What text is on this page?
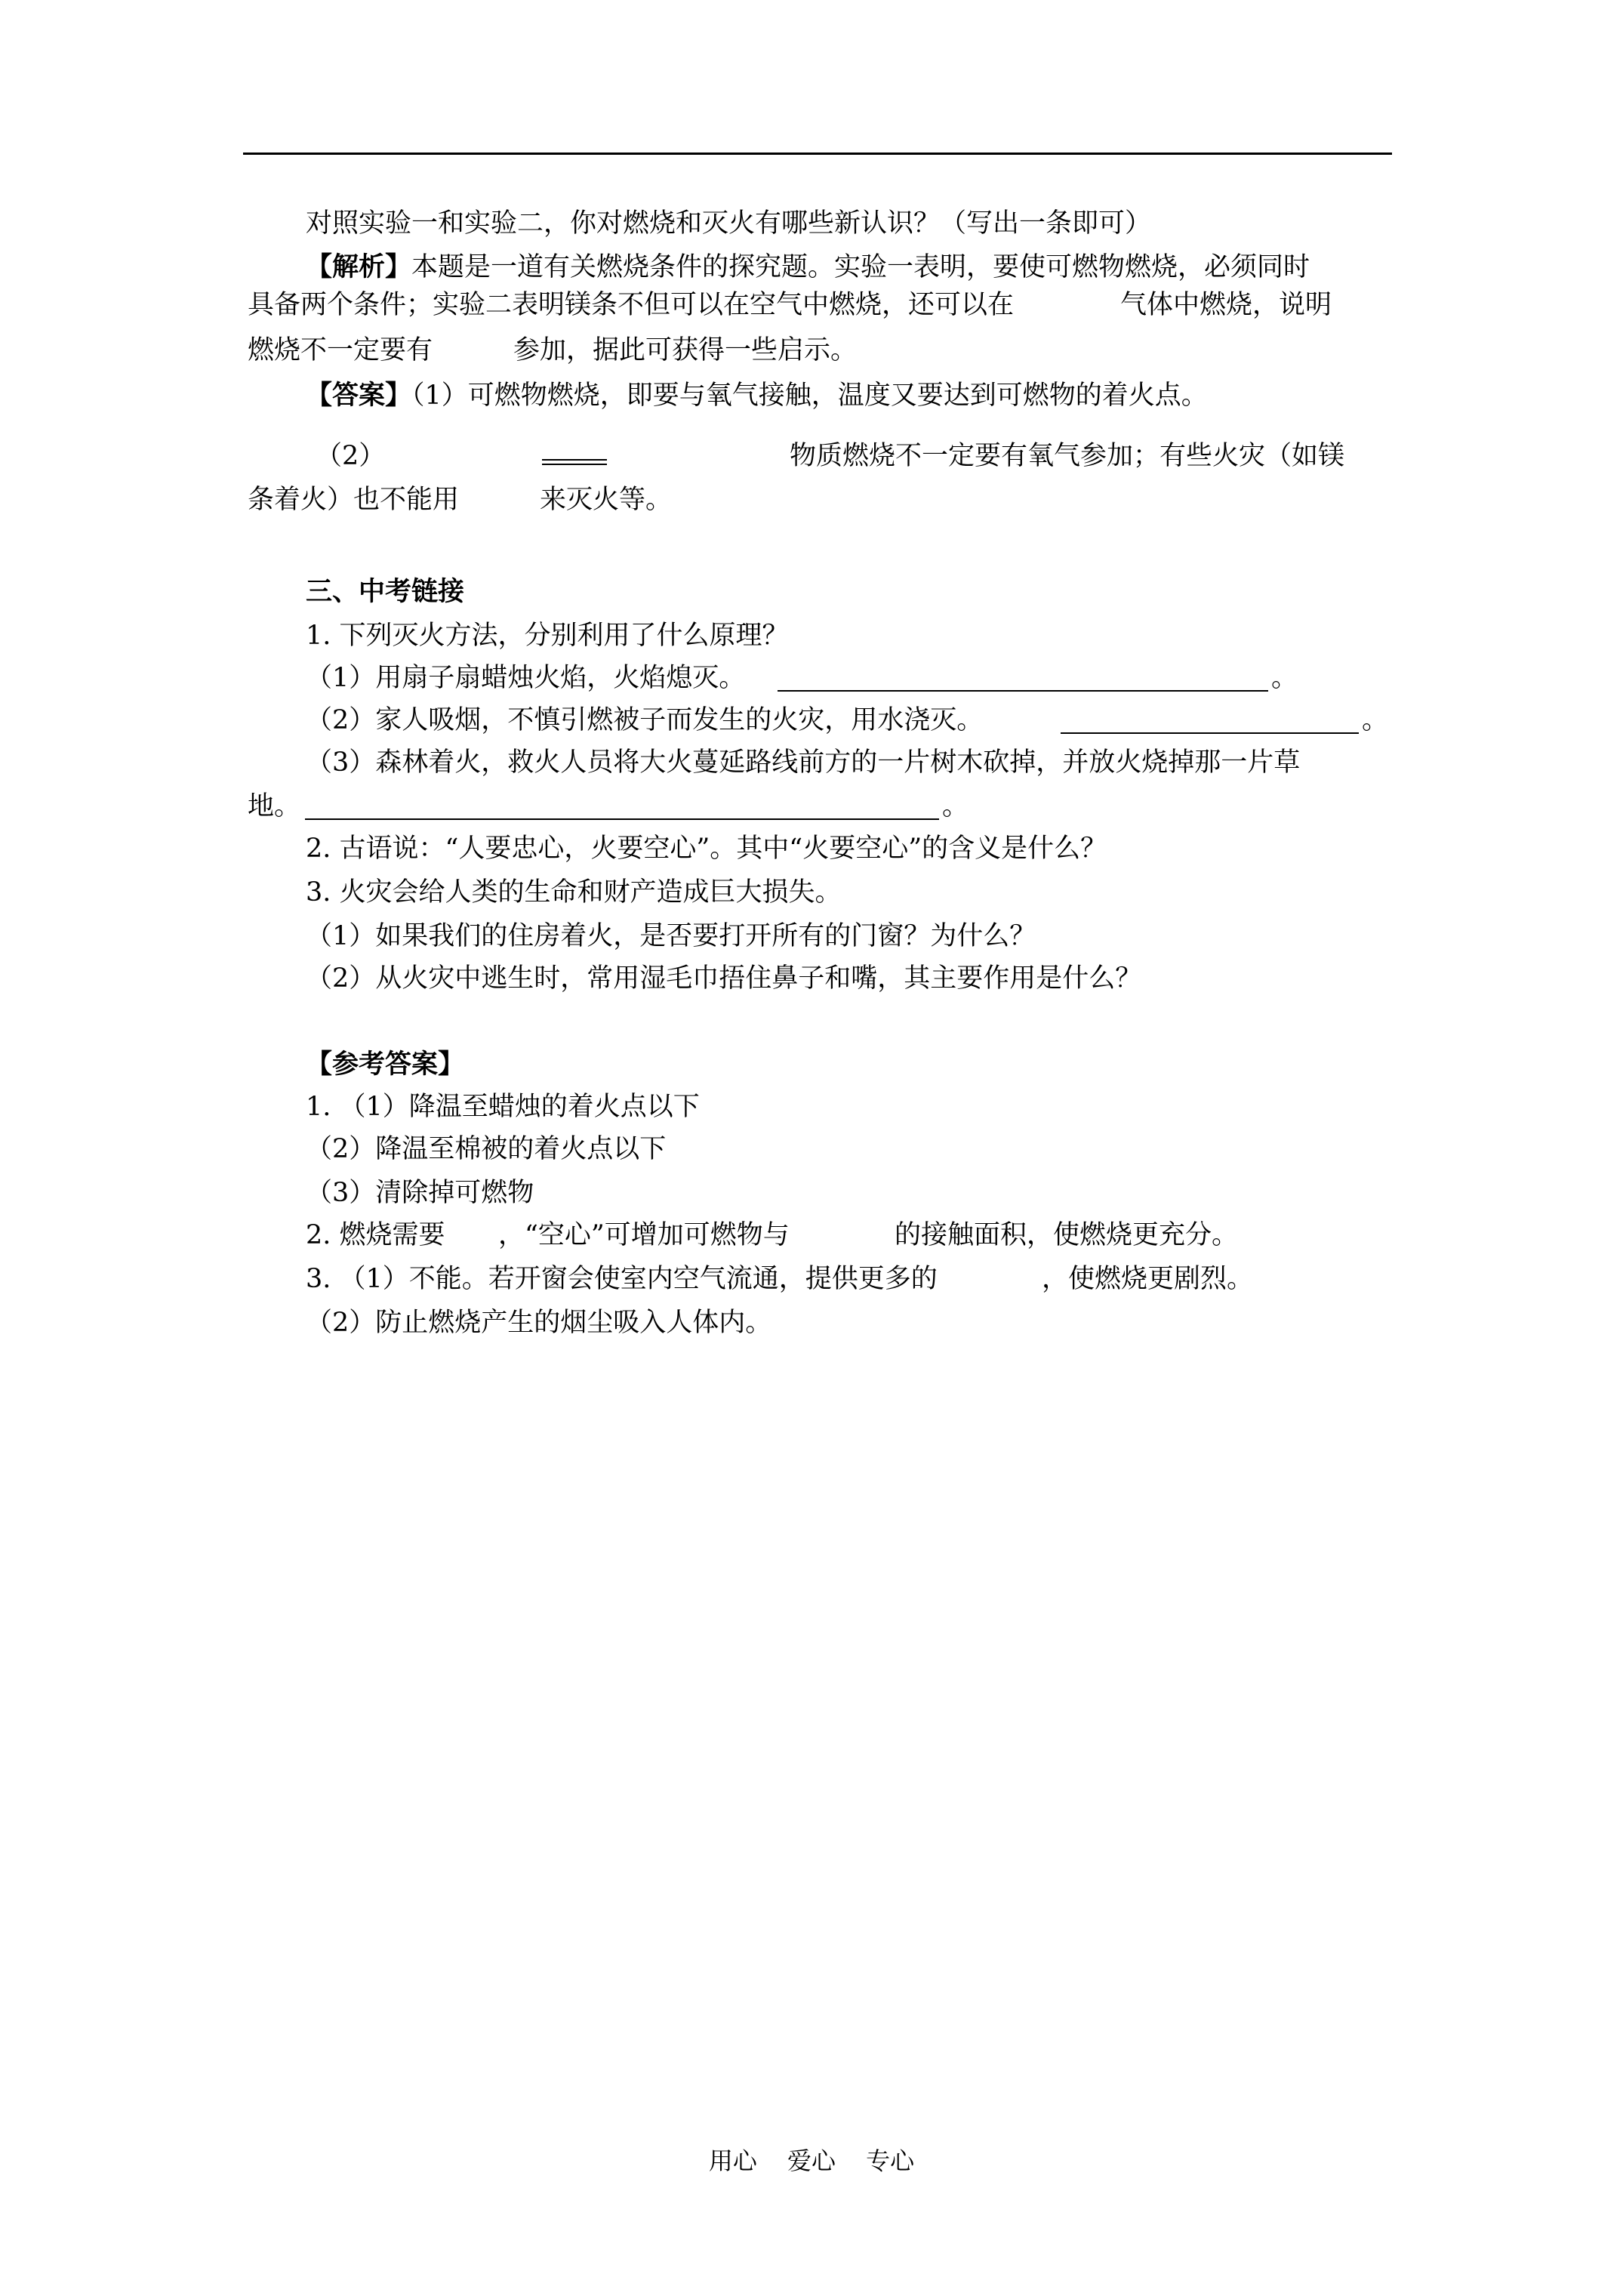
对照实验一和实验二，你对燃烧和灭火有哪些新认识？（写出一条即可）
【解析】本题是一道有关燃烧条件的探究题。实验一表明，要使可燃物燃烧，必须同时
具备两个条件；实验二表明镁条不但可以在空气中燃烧，还可以在	气体中燃烧，说明
燃烧不一定要有	参加，据此可获得一些启示。
【答案】（1）可燃物燃烧，即要与氧气接触，温度又要达到可燃物的着火点。
（2）	物质燃烧不一定要有氧气参加；有些火灾（如镁
条着火）也不能用	来灭火等。
三、中考链接
1. 下列灭火方法，分别利用了什么原理？
（1）用扇子扇蜡烛火焰，火焰熄灭。	。
（2）家人吸烟，不慎引燃被子而发生的火灾，用水浇灭。	。
（3）森林着火，救火人员将大火蔓延路线前方的一片树木砍掉，并放火烧掉那一片草
地。	。
2. 古语说：“人要忠心，火要空心”。其中“火要空心”的含义是什么？
3. 火灾会给人类的生命和财产造成巨大损失。
（1）如果我们的住房着火，是否要打开所有的门窗？为什么？
（2）从火灾中逃生时，常用湿毛巾捂住鼻子和嘴，其主要作用是什么？
【参考答案】
1. （1）降温至蜡烛的着火点以下
（2）降温至棉被的着火点以下
（3）清除掉可燃物
2. 燃烧需要 ，“空心”可增加可燃物与	的接触面积，使燃烧更充分。
3. （1）不能。若开窗会使室内空气流通，提供更多的	，使燃烧更剧烈。
（2）防止燃烧产生的烟尘吸入人体内。
用心 爱心 专心
